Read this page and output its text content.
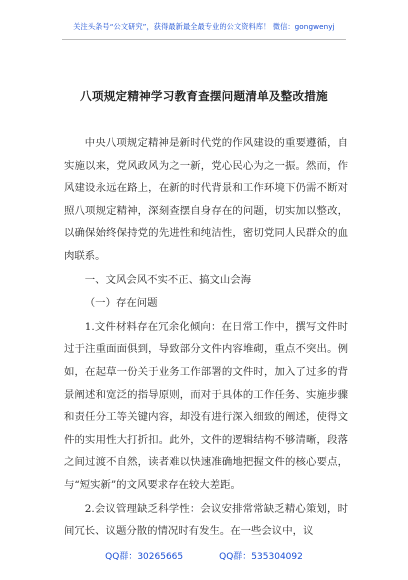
关注头条号“公文研究”，获得最新最全最专业的公文资料库！ 微信：gongwenyj
八项规定精神学习教育查摆问题清单及整改措施

中央八项规定精神是新时代党的作风建设的重要遵循，自实施以来，党风政风为之一新，党心民心为之一振。然而，作风建设永远在路上，在新的时代背景和工作环境下仍需不断对照八项规定精神，深刻查摆自身存在的问题，切实加以整改，以确保始终保持党的先进性和纯洁性，密切党同人民群众的血肉联系。

一、文风会风不实不正、搞文山会海

（一）存在问题

1.文件材料存在冗余化倾向：在日常工作中，撰写文件时过于注重面面俱到，导致部分文件内容堆砌，重点不突出。例如，在起草一份关于业务工作部署的文件时，加入了过多的背景阐述和宽泛的指导原则，而对于具体的工作任务、实施步骤和责任分工等关键内容，却没有进行深入细致的阐述，使得文件的实用性大打折扣。此外，文件的逻辑结构不够清晰，段落之间过渡不自然，读者难以快速准确地把握文件的核心要点，与“短实新”的文风要求存在较大差距。

2.会议管理缺乏科学性：会议安排常常缺乏精心策划，时间冗长、议题分散的情况时有发生。在一些会议中，议

QQ群：30265665	QQ群：535304092
